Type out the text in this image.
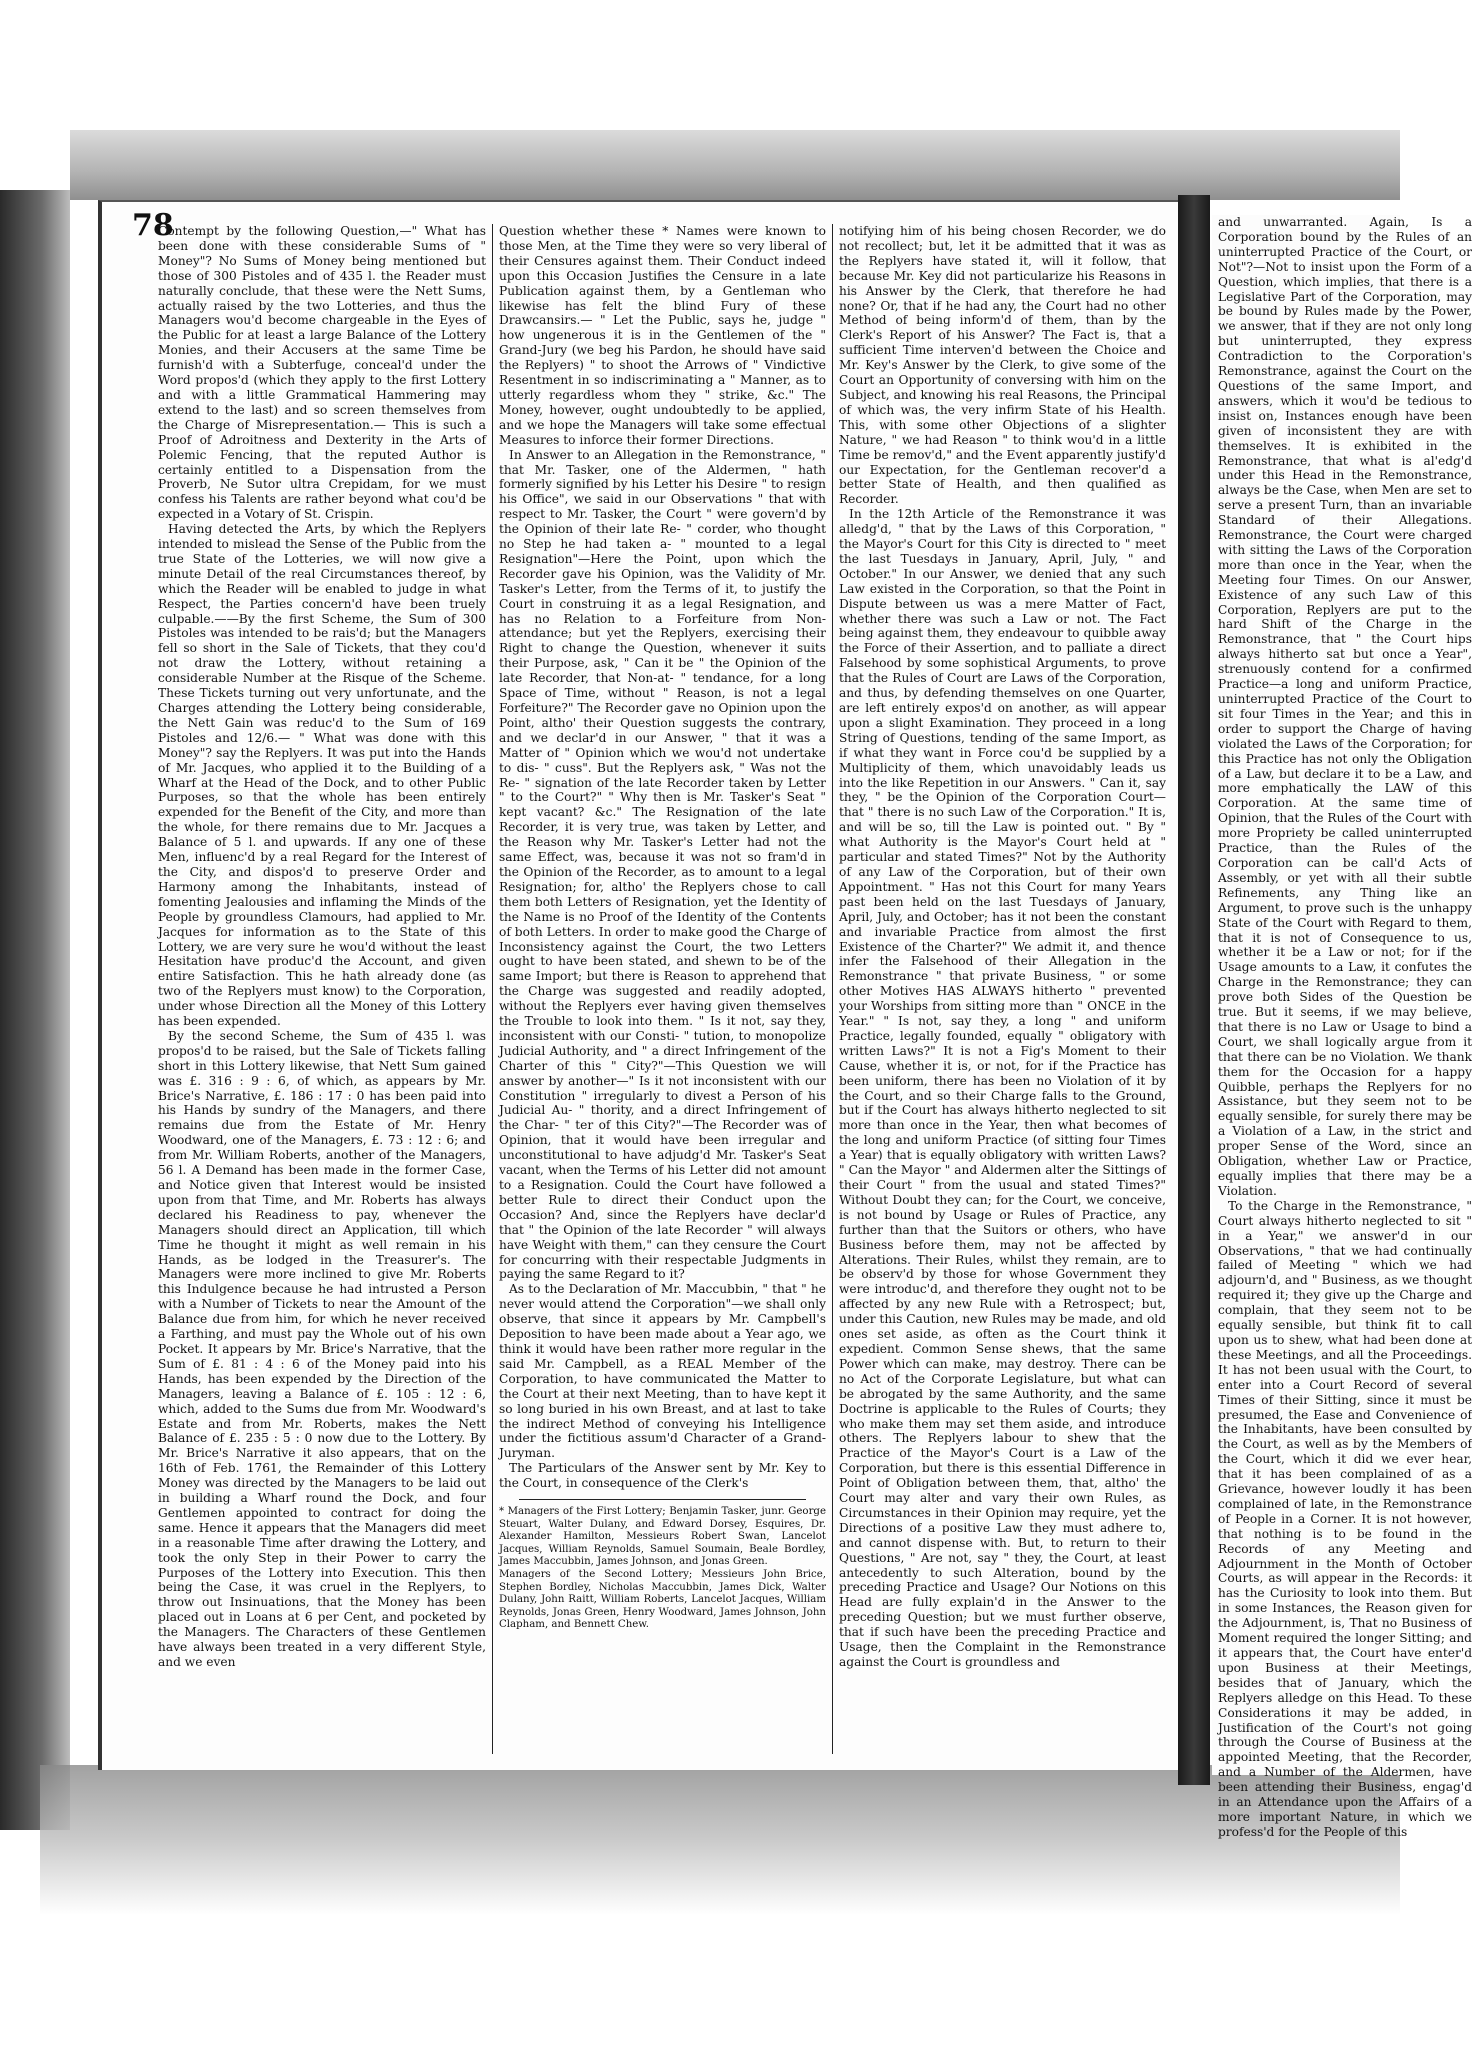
78

Contempt by the following Question,—" What has been done with these considerable Sums of " Money"? No Sums of Money being mentioned but those of 300 Pistoles and of 435 l. the Reader must naturally conclude, that these were the Nett Sums, actually raised by the two Lotteries, and thus the Managers wou'd become chargeable in the Eyes of the Public for at least a large Balance of the Lottery Monies, and their Accusers at the same Time be furnish'd with a Subterfuge, conceal'd under the Word propos'd (which they apply to the first Lottery and with a little Grammatical Hammering may extend to the last) and so screen themselves from the Charge of Misrepresentation.— This is such a Proof of Adroitness and Dexterity in the Arts of Polemic Fencing, that the reputed Author is certainly entitled to a Dispensation from the Proverb, Ne Sutor ultra Crepidam, for we must confess his Talents are rather beyond what cou'd be expected in a Votary of St. Crispin.

Having detected the Arts, by which the Replyers intended to mislead the Sense of the Public from the true State of the Lotteries, we will now give a minute Detail of the real Circumstances thereof, by which the Reader will be enabled to judge in what Respect, the Parties concern'd have been truely culpable.——By the first Scheme, the Sum of 300 Pistoles was intended to be rais'd; but the Managers fell so short in the Sale of Tickets, that they cou'd not draw the Lottery, without retaining a considerable Number at the Risque of the Scheme. These Tickets turning out very unfortunate, and the Charges attending the Lottery being considerable, the Nett Gain was reduc'd to the Sum of 169 Pistoles and 12/6.— " What was done with this Money"? say the Replyers. It was put into the Hands of Mr. Jacques, who applied it to the Building of a Wharf at the Head of the Dock, and to other Public Purposes, so that the whole has been entirely expended for the Benefit of the City, and more than the whole, for there remains due to Mr. Jacques a Balance of 5 l. and upwards. If any one of these Men, influenc'd by a real Regard for the Interest of the City, and dispos'd to preserve Order and Harmony among the Inhabitants, instead of fomenting Jealousies and inflaming the Minds of the People by groundless Clamours, had applied to Mr. Jacques for information as to the State of this Lottery, we are very sure he wou'd without the least Hesitation have produc'd the Account, and given entire Satisfaction. This he hath already done (as two of the Replyers must know) to the Corporation, under whose Direction all the Money of this Lottery has been expended.

By the second Scheme, the Sum of 435 l. was propos'd to be raised, but the Sale of Tickets falling short in this Lottery likewise, that Nett Sum gained was £. 316 : 9 : 6, of which, as appears by Mr. Brice's Narrative, £. 186 : 17 : 0 has been paid into his Hands by sundry of the Managers, and there remains due from the Estate of Mr. Henry Woodward, one of the Managers, £. 73 : 12 : 6; and from Mr. William Roberts, another of the Managers, 56 l. A Demand has been made in the former Case, and Notice given that Interest would be insisted upon from that Time, and Mr. Roberts has always declared his Readiness to pay, whenever the Managers should direct an Application, till which Time he thought it might as well remain in his Hands, as be lodged in the Treasurer's. The Managers were more inclined to give Mr. Roberts this Indulgence because he had intrusted a Person with a Number of Tickets to near the Amount of the Balance due from him, for which he never received a Farthing, and must pay the Whole out of his own Pocket. It appears by Mr. Brice's Narrative, that the Sum of £. 81 : 4 : 6 of the Money paid into his Hands, has been expended by the Direction of the Managers, leaving a Balance of £. 105 : 12 : 6, which, added to the Sums due from Mr. Woodward's Estate and from Mr. Roberts, makes the Nett Balance of £. 235 : 5 : 0 now due to the Lottery. By Mr. Brice's Narrative it also appears, that on the 16th of Feb. 1761, the Remainder of this Lottery Money was directed by the Managers to be laid out in building a Wharf round the Dock, and four Gentlemen appointed to contract for doing the same. Hence it appears that the Managers did meet in a reasonable Time after drawing the Lottery, and took the only Step in their Power to carry the Purposes of the Lottery into Execution. This then being the Case, it was cruel in the Replyers, to throw out Insinuations, that the Money has been placed out in Loans at 6 per Cent, and pocketed by the Managers. The Characters of these Gentlemen have always been treated in a very different Style, and we even

Question whether these * Names were known to those Men, at the Time they were so very liberal of their Censures against them. Their Conduct indeed upon this Occasion Justifies the Censure in a late Publication against them, by a Gentleman who likewise has felt the blind Fury of these Drawcansirs.— " Let the Public, says he, judge " how ungenerous it is in the Gentlemen of the " Grand-Jury (we beg his Pardon, he should have said the Replyers) " to shoot the Arrows of " Vindictive Resentment in so indiscriminating a " Manner, as to utterly regardless whom they " strike, &c." The Money, however, ought undoubtedly to be applied, and we hope the Managers will take some effectual Measures to inforce their former Directions.

In Answer to an Allegation in the Remonstrance, " that Mr. Tasker, one of the Aldermen, " hath formerly signified by his Letter his Desire " to resign his Office", we said in our Observations " that with respect to Mr. Tasker, the Court " were govern'd by the Opinion of their late Re- " corder, who thought no Step he had taken a- " mounted to a legal Resignation"—Here the Point, upon which the Recorder gave his Opinion, was the Validity of Mr. Tasker's Letter, from the Terms of it, to justify the Court in construing it as a legal Resignation, and has no Relation to a Forfeiture from Non-attendance; but yet the Replyers, exercising their Right to change the Question, whenever it suits their Purpose, ask, " Can it be " the Opinion of the late Recorder, that Non-at- " tendance, for a long Space of Time, without " Reason, is not a legal Forfeiture?" The Recorder gave no Opinion upon the Point, altho' their Question suggests the contrary, and we declar'd in our Answer, " that it was a Matter of " Opinion which we wou'd not undertake to dis- " cuss". But the Replyers ask, " Was not the Re- " signation of the late Recorder taken by Letter " to the Court?" " Why then is Mr. Tasker's Seat " kept vacant? &c." The Resignation of the late Recorder, it is very true, was taken by Letter, and the Reason why Mr. Tasker's Letter had not the same Effect, was, because it was not so fram'd in the Opinion of the Recorder, as to amount to a legal Resignation; for, altho' the Replyers chose to call them both Letters of Resignation, yet the Identity of the Name is no Proof of the Identity of the Contents of both Letters. In order to make good the Charge of Inconsistency against the Court, the two Letters ought to have been stated, and shewn to be of the same Import; but there is Reason to apprehend that the Charge was suggested and readily adopted, without the Replyers ever having given themselves the Trouble to look into them. " Is it not, say they, inconsistent with our Consti- " tution, to monopolize Judicial Authority, and " a direct Infringement of the Charter of this " City?"—This Question we will answer by another—" Is it not inconsistent with our Constitution " irregularly to divest a Person of his Judicial Au- " thority, and a direct Infringement of the Char- " ter of this City?"—The Recorder was of Opinion, that it would have been irregular and unconstitutional to have adjudg'd Mr. Tasker's Seat vacant, when the Terms of his Letter did not amount to a Resignation. Could the Court have followed a better Rule to direct their Conduct upon the Occasion? And, since the Replyers have declar'd that " the Opinion of the late Recorder " will always have Weight with them," can they censure the Court for concurring with their respectable Judgments in paying the same Regard to it?

As to the Declaration of Mr. Maccubbin, " that " he never would attend the Corporation"—we shall only observe, that since it appears by Mr. Campbell's Deposition to have been made about a Year ago, we think it would have been rather more regular in the said Mr. Campbell, as a REAL Member of the Corporation, to have communicated the Matter to the Court at their next Meeting, than to have kept it so long buried in his own Breast, and at last to take the indirect Method of conveying his Intelligence under the fictitious assum'd Character of a Grand-Juryman.

The Particulars of the Answer sent by Mr. Key to the Court, in consequence of the Clerk's

* Managers of the First Lottery; Benjamin Tasker, junr. George Steuart, Walter Dulany, and Edward Dorsey, Esquires, Dr. Alexander Hamilton, Messieurs Robert Swan, Lancelot Jacques, William Reynolds, Samuel Soumain, Beale Bordley, James Maccubbin, James Johnson, and Jonas Green.

Managers of the Second Lottery; Messieurs John Brice, Stephen Bordley, Nicholas Maccubbin, James Dick, Walter Dulany, John Raitt, William Roberts, Lancelot Jacques, William Reynolds, Jonas Green, Henry Woodward, James Johnson, John Clapham, and Bennett Chew.

notifying him of his being chosen Recorder, we do not recollect; but, let it be admitted that it was as the Replyers have stated it, will it follow, that because Mr. Key did not particularize his Reasons in his Answer by the Clerk, that therefore he had none? Or, that if he had any, the Court had no other Method of being inform'd of them, than by the Clerk's Report of his Answer? The Fact is, that a sufficient Time interven'd between the Choice and Mr. Key's Answer by the Clerk, to give some of the Court an Opportunity of conversing with him on the Subject, and knowing his real Reasons, the Principal of which was, the very infirm State of his Health. This, with some other Objections of a slighter Nature, " we had Reason " to think wou'd in a little Time be remov'd," and the Event apparently justify'd our Expectation, for the Gentleman recover'd a better State of Health, and then qualified as Recorder.

In the 12th Article of the Remonstrance it was alledg'd, " that by the Laws of this Corporation, " the Mayor's Court for this City is directed to " meet the last Tuesdays in January, April, July, " and October." In our Answer, we denied that any such Law existed in the Corporation, so that the Point in Dispute between us was a mere Matter of Fact, whether there was such a Law or not. The Fact being against them, they endeavour to quibble away the Force of their Assertion, and to palliate a direct Falsehood by some sophistical Arguments, to prove that the Rules of Court are Laws of the Corporation, and thus, by defending themselves on one Quarter, are left entirely expos'd on another, as will appear upon a slight Examination. They proceed in a long String of Questions, tending of the same Import, as if what they want in Force cou'd be supplied by a Multiplicity of them, which unavoidably leads us into the like Repetition in our Answers. " Can it, say they, " be the Opinion of the Corporation Court—that " there is no such Law of the Corporation." It is, and will be so, till the Law is pointed out. " By " what Authority is the Mayor's Court held at " particular and stated Times?" Not by the Authority of any Law of the Corporation, but of their own Appointment. " Has not this Court for many Years past been held on the last Tuesdays of January, April, July, and October; has it not been the constant and invariable Practice from almost the first Existence of the Charter?" We admit it, and thence infer the Falsehood of their Allegation in the Remonstrance " that private Business, " or some other Motives HAS ALWAYS hitherto " prevented your Worships from sitting more than " ONCE in the Year." " Is not, say they, a long " and uniform Practice, legally founded, equally " obligatory with written Laws?" It is not a Fig's Moment to their Cause, whether it is, or not, for if the Practice has been uniform, there has been no Violation of it by the Court, and so their Charge falls to the Ground, but if the Court has always hitherto neglected to sit more than once in the Year, then what becomes of the long and uniform Practice (of sitting four Times a Year) that is equally obligatory with written Laws? " Can the Mayor " and Aldermen alter the Sittings of their Court " from the usual and stated Times?" Without Doubt they can; for the Court, we conceive, is not bound by Usage or Rules of Practice, any further than that the Suitors or others, who have Business before them, may not be affected by Alterations. Their Rules, whilst they remain, are to be observ'd by those for whose Government they were introduc'd, and therefore they ought not to be affected by any new Rule with a Retrospect; but, under this Caution, new Rules may be made, and old ones set aside, as often as the Court think it expedient. Common Sense shews, that the same Power which can make, may destroy. There can be no Act of the Corporate Legislature, but what can be abrogated by the same Authority, and the same Doctrine is applicable to the Rules of Courts; they who make them may set them aside, and introduce others. The Replyers labour to shew that the Practice of the Mayor's Court is a Law of the Corporation, but there is this essential Difference in Point of Obligation between them, that, altho' the Court may alter and vary their own Rules, as Circumstances in their Opinion may require, yet the Directions of a positive Law they must adhere to, and cannot dispense with. But, to return to their Questions, " Are not, say " they, the Court, at least antecedently to such Alteration, bound by the preceding Practice and Usage? Our Notions on this Head are fully explain'd in the Answer to the preceding Question; but we must further observe, that if such have been the preceding Practice and Usage, then the Complaint in the Remonstrance against the Court is groundless and

and unwarranted. Again, Is a Corporation bound by the Rules of an uninterrupted Practice of the Court, or Not"?—Not to insist upon the Form of a Question, which implies, that there is a Legislative Part of the Corporation, may be bound by Rules made by the Power, we answer, that if they are not only long but uninterrupted, they express Contradiction to the Corporation's Remonstrance, against the Court on the Questions of the same Import, and answers, which it wou'd be tedious to insist on, Instances enough have been given of inconsistent they are with themselves. It is exhibited in the Remonstrance, that what is al'edg'd under this Head in the Remonstrance, always be the Case, when Men are set to serve a present Turn, than an invariable Standard of their Allegations. Remonstrance, the Court were charged with sitting the Laws of the Corporation more than once in the Year, when the Meeting four Times. On our Answer, Existence of any such Law of this Corporation, Replyers are put to the hard Shift of the Charge in the Remonstrance, that " the Court hips always hitherto sat but once a Year", strenuously contend for a confirmed Practice—a long and uniform Practice, uninterrupted Practice of the Court to sit four Times in the Year; and this in order to support the Charge of having violated the Laws of the Corporation; for this Practice has not only the Obligation of a Law, but declare it to be a Law, and more emphatically the LAW of this Corporation. At the same time of Opinion, that the Rules of the Court with more Propriety be called uninterrupted Practice, than the Rules of the Corporation can be call'd Acts of Assembly, or yet with all their subtle Refinements, any Thing like an Argument, to prove such is the unhappy State of the Court with Regard to them, that it is not of Consequence to us, whether it be a Law or not; for if the Usage amounts to a Law, it confutes the Charge in the Remonstrance; they can prove both Sides of the Question be true. But it seems, if we may believe, that there is no Law or Usage to bind a Court, we shall logically argue from it that there can be no Violation. We thank them for the Occasion for a happy Quibble, perhaps the Replyers for no Assistance, but they seem not to be equally sensible, for surely there may be a Violation of a Law, in the strict and proper Sense of the Word, since an Obligation, whether Law or Practice, equally implies that there may be a Violation.

To the Charge in the Remonstrance, " Court always hitherto neglected to sit " in a Year," we answer'd in our Observations, " that we had continually failed of Meeting " which we had adjourn'd, and " Business, as we thought required it; they give up the Charge and complain, that they seem not to be equally sensible, but think fit to call upon us to shew, what had been done at these Meetings, and all the Proceedings. It has not been usual with the Court, to enter into a Court Record of several Times of their Sitting, since it must be presumed, the Ease and Convenience of the Inhabitants, have been consulted by the Court, as well as by the Members of the Court, which it did we ever hear, that it has been complained of as a Grievance, however loudly it has been complained of late, in the Remonstrance of People in a Corner. It is not however, that nothing is to be found in the Records of any Meeting and Adjournment in the Month of October Courts, as will appear in the Records: it has the Curiosity to look into them. But in some Instances, the Reason given for the Adjournment, is, That no Business of Moment required the longer Sitting; and it appears that, the Court have enter'd upon Business at their Meetings, besides that of January, which the Replyers alledge on this Head. To these Considerations it may be added, in Justification of the Court's not going through the Course of Business at the appointed Meeting, that the Recorder, and a Number of the Aldermen, have been attending their Business, engag'd in an Attendance upon the Affairs of a more important Nature, in which we profess'd for the People of this
